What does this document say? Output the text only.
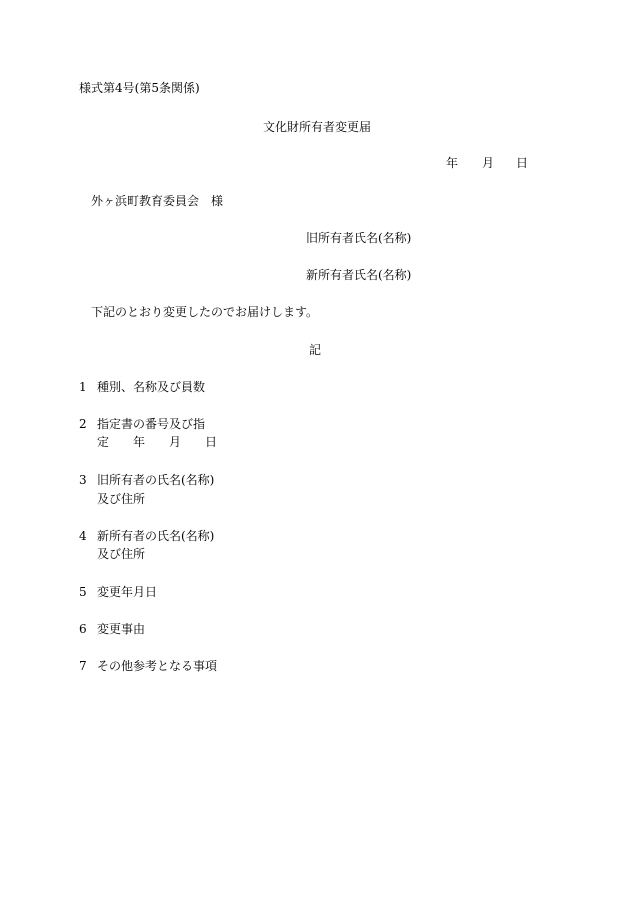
様式第4号(第5条関係)
文化財所有者変更届
年 月 日
外ヶ浜町教育委員会　様
旧所有者氏名(名称)
新所有者氏名(名称)
下記のとおり変更したのでお届けします。
記
1 種別、名称及び員数
2 指定書の番号及び指
定　　年　　月　　日
3 旧所有者の氏名(名称)
及び住所
4 新所有者の氏名(名称)
及び住所
5 変更年月日
6 変更事由
7 その他参考となる事項
